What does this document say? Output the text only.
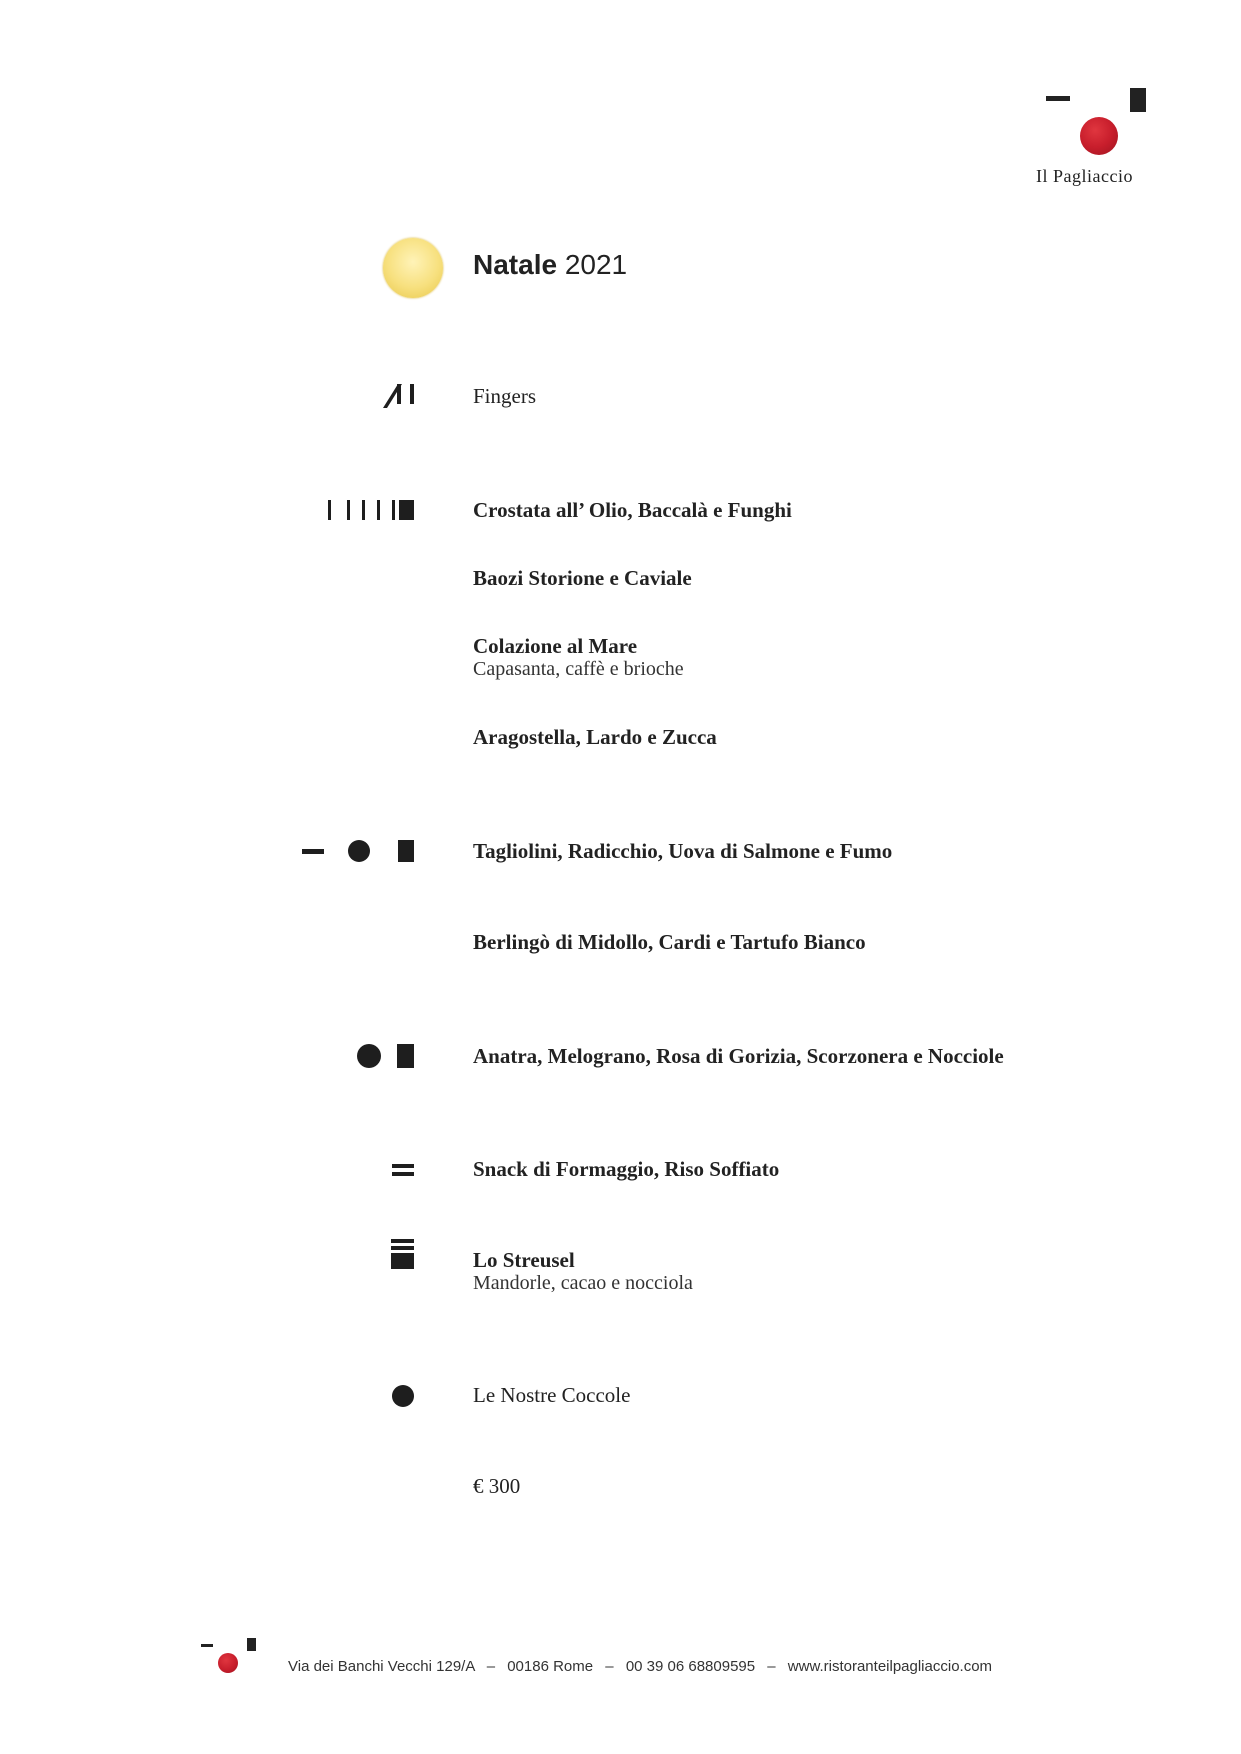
Il Pagliaccio
Natale 2021
Fingers
Crostata all’ Olio, Baccalà e Funghi
Baozi Storione e Caviale
Colazione al Mare
Capasanta, caffè e brioche
Aragostella, Lardo e Zucca
Tagliolini, Radicchio, Uova di Salmone e Fumo
Berlingò di Midollo, Cardi e Tartufo Bianco
Anatra, Melograno, Rosa di Gorizia, Scorzonera e Nocciole
Snack di Formaggio, Riso Soffiato
Lo Streusel
Mandorle, cacao e nocciola
Le Nostre Coccole
€ 300
Via dei Banchi Vecchi 129/A – 00186 Rome – 00 39 06 68809595 – www.ristoranteilpagliaccio.com
